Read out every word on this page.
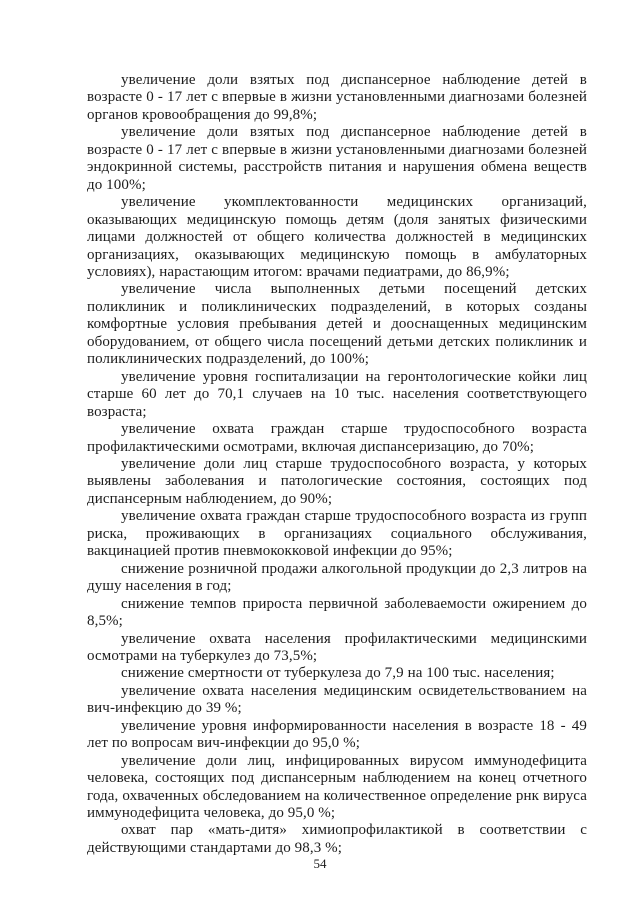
увеличение доли взятых под диспансерное наблюдение детей в возрасте 0 - 17 лет с впервые в жизни установленными диагнозами болезней органов кровообращения до 99,8%;

увеличение доли взятых под диспансерное наблюдение детей в возрасте 0 - 17 лет с впервые в жизни установленными диагнозами болезней эндокринной системы, расстройств питания и нарушения обмена веществ до 100%;

увеличение укомплектованности медицинских организаций, оказывающих медицинскую помощь детям (доля занятых физическими лицами должностей от общего количества должностей в медицинских организациях, оказывающих медицинскую помощь в амбулаторных условиях), нарастающим итогом: врачами педиатрами, до 86,9%;

увеличение числа выполненных детьми посещений детских поликлиник и поликлинических подразделений, в которых созданы комфортные условия пребывания детей и дооснащенных медицинским оборудованием, от общего числа посещений детьми детских поликлиник и поликлинических подразделений, до 100%;

увеличение уровня госпитализации на геронтологические койки лиц старше 60 лет до 70,1 случаев на 10 тыс. населения соответствующего возраста;

увеличение охвата граждан старше трудоспособного возраста профилактическими осмотрами, включая диспансеризацию, до 70%;

увеличение доли лиц старше трудоспособного возраста, у которых выявлены заболевания и патологические состояния, состоящих под диспансерным наблюдением, до 90%;

увеличение охвата граждан старше трудоспособного возраста из групп риска, проживающих в организациях социального обслуживания, вакцинацией против пневмококковой инфекции до 95%;

снижение розничной продажи алкогольной продукции до 2,3 литров на душу населения в год;

снижение темпов прироста первичной заболеваемости ожирением до 8,5%;

увеличение охвата населения профилактическими медицинскими осмотрами на туберкулез до 73,5%;

снижение смертности от туберкулеза до 7,9 на 100 тыс. населения;

увеличение охвата населения медицинским освидетельствованием на вич-инфекцию до 39 %;

увеличение уровня информированности населения в возрасте 18 - 49 лет по вопросам вич-инфекции до 95,0 %;

увеличение доли лиц, инфицированных вирусом иммунодефицита человека, состоящих под диспансерным наблюдением на конец отчетного года, охваченных обследованием на количественное определение рнк вируса иммунодефицита человека, до 95,0 %;

охват пар «мать-дитя» химиопрофилактикой в соответствии с действующими стандартами до 98,3 %;

54
